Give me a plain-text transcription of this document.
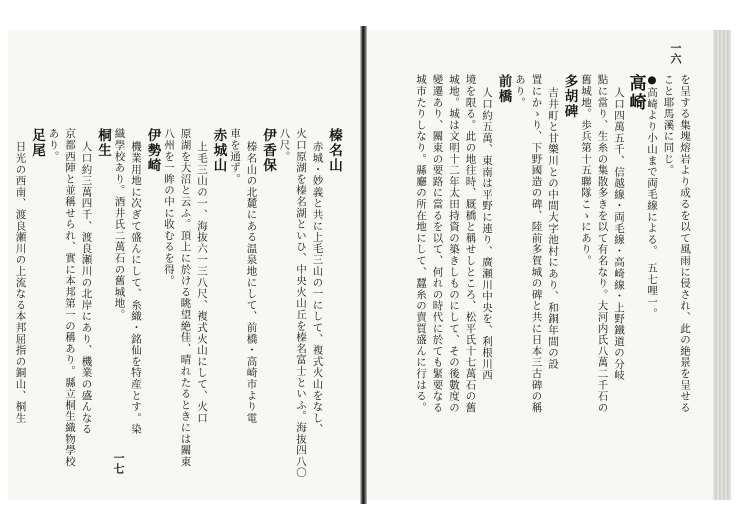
榛名山
赤城・妙義と共に上毛三山の一にして、複式火山をなし、
火口原湖を榛名湖といひ、中央火山丘を榛名富士といふ。海抜四八〇
八尺。
伊香保
榛名山の北麓にある温泉地にして、前橋・高崎市より電
車を通ず。
赤城山
上毛三山の一、海抜六一三八尺、複式火山にして、火口
原湖を大沼と云ふ。頂上に於ける眺望絶佳、晴れたるときには關東
八州を一眸の中に收むるを得。
伊勢崎
機業用地に次ぎて盛んにして、糸織・銘仙を特産とす。染
織學校あり。酒井氏二萬石の舊城地。
桐生
人口約三萬四千、渡良瀬川の北岸にあり、機業の盛んなる
京都西陣と並稱せられ、實に本邦第一の稱あり。縣立桐生織物學校
あり。
足尾
日光の西南、渡良瀬川の上流なる本邦屈指の銅山、桐生
一七
を呈する集塊熔岩より成るを以て風雨に侵され、此の絶景を呈せる
こと耶馬溪に同じ。
●高崎より小山まで両毛線による。　五七哩一。
高崎
人口四萬五千、信越線・両毛線・高崎線・上野鐵道の分岐
點に當り、生糸の集散多きを以て有名なり。大河内氏八萬二千石の
舊城地。歩兵第十五聯隊こゝにあり。
多胡碑
吉井町と甘樂川との中間大字池村にあり、和銅年間の設
置にかゝり、下野國造の碑、陸前多賀城の碑と共に日本三古碑の稱
あり。
前橋
人口約五萬、東南は平野に連り、廣瀬川中央を、利根川西
境を限る。此の地往時、厩橋と稱せしところ、松平氏十七萬石の舊
城地。城は文明十二年太田持資の築きしものにして、その後數度の
變遷あり、關東の要路に當るを以て、何れの時代に於ても緊要なる
城市たりしなり。縣廳の所在地にして、蠶糸の賣買盛んに行はる。
一六
